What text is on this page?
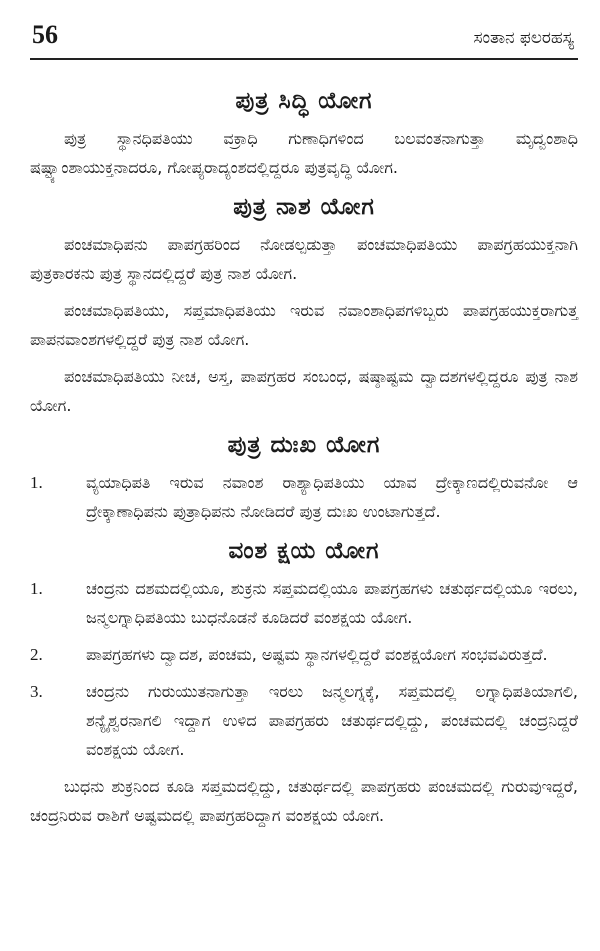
56	ಸಂತಾನ ಫಲರಹಸ್ಯ
ಪುತ್ರ ಸಿದ್ಧಿ ಯೋಗ

ಪುತ್ರ ಸ್ಥಾನಧಿಪತಿಯು ವಕ್ರಾಧಿ ಗುಣಾಧಿಗಳಿಂದ ಬಲವಂತನಾಗುತ್ತಾ ಮೃದ್ವಂಶಾಧಿ ಷಷ್ಟ್ಯಾಂಶಾಯುಕ್ತನಾದರೂ, ಗೋಪ್ಯರಾದ್ಯಂಶದಲ್ಲಿದ್ದರೂ ಪುತ್ರವೃದ್ಧಿ ಯೋಗ.

ಪುತ್ರ ನಾಶ ಯೋಗ

ಪಂಚಮಾಧಿಪನು ಪಾಪಗ್ರಹರಿಂದ ನೋಡಲ್ಪಡುತ್ತಾ ಪಂಚಮಾಧಿಪತಿಯು ಪಾಪಗ್ರಹಯುಕ್ತನಾಗಿ ಪುತ್ರಕಾರಕನು ಪುತ್ರ ಸ್ಥಾನದಲ್ಲಿದ್ದರೆ ಪುತ್ರ ನಾಶ ಯೋಗ.

ಪಂಚಮಾಧಿಪತಿಯು, ಸಪ್ತಮಾಧಿಪತಿಯು ಇರುವ ನವಾಂಶಾಧಿಪಗಳಿಬ್ಬರು ಪಾಪಗ್ರಹಯುಕ್ತರಾಗುತ್ತ ಪಾಪನವಾಂಶಗಳಲ್ಲಿದ್ದರೆ ಪುತ್ರ ನಾಶ ಯೋಗ.

ಪಂಚಮಾಧಿಪತಿಯು ನೀಚ, ಅಸ್ತ, ಪಾಪಗ್ರಹರ ಸಂಬಂಧ, ಷಷ್ಠಾಷ್ಟಮ ದ್ವಾದಶಗಳಲ್ಲಿದ್ದರೂ ಪುತ್ರ ನಾಶ ಯೋಗ.

ಪುತ್ರ ದುಃಖ ಯೋಗ
1.	ವ್ಯಯಾಧಿಪತಿ ಇರುವ ನವಾಂಶ ರಾಶ್ಯಾಧಿಪತಿಯು ಯಾವ ದ್ರೇಕ್ಕಾಣದಲ್ಲಿರುವನೋ ಆ ದ್ರೇಕ್ಕಾಣಾಧಿಪನು ಪುತ್ರಾಧಿಪನು ನೋಡಿದರೆ ಪುತ್ರ ದುಃಖ ಉಂಟಾಗುತ್ತದೆ.
ವಂಶ ಕ್ಷಯ ಯೋಗ
1.	ಚಂದ್ರನು ದಶಮದಲ್ಲಿಯೂ, ಶುಕ್ರನು ಸಪ್ತಮದಲ್ಲಿಯೂ ಪಾಪಗ್ರಹಗಳು ಚತುರ್ಥದಲ್ಲಿಯೂ ಇರಲು, ಜನ್ಮಲಗ್ನಾಧಿಪತಿಯು ಬುಧನೊಡನೆ ಕೂಡಿದರೆ ವಂಶಕ್ಷಯ ಯೋಗ.
2.	ಪಾಪಗ್ರಹಗಳು ದ್ವಾದಶ, ಪಂಚಮ, ಅಷ್ಟಮ ಸ್ಥಾನಗಳಲ್ಲಿದ್ದರೆ ವಂಶಕ್ಷಯೋಗ ಸಂಭವವಿರುತ್ತದೆ.
3.	ಚಂದ್ರನು ಗುರುಯುತನಾಗುತ್ತಾ ಇರಲು ಜನ್ಮಲಗ್ನಕ್ಕೆ, ಸಪ್ತಮದಲ್ಲಿ ಲಗ್ನಾಧಿಪತಿಯಾಗಲಿ, ಶನ್ಯೈಶ್ವರನಾಗಲಿ ಇದ್ದಾಗ ಉಳಿದ ಪಾಪಗ್ರಹರು ಚತುರ್ಥದಲ್ಲಿದ್ದು, ಪಂಚಮದಲ್ಲಿ ಚಂದ್ರನಿದ್ದರೆ ವಂಶಕ್ಷಯ ಯೋಗ.

ಬುಧನು ಶುಕ್ರನಿಂದ ಕೂಡಿ ಸಪ್ತಮದಲ್ಲಿದ್ದು, ಚತುರ್ಥದಲ್ಲಿ ಪಾಪಗ್ರಹರು ಪಂಚಮದಲ್ಲಿ ಗುರುವುಇದ್ದರೆ, ಚಂದ್ರನಿರುವ ರಾಶಿಗೆ ಅಷ್ಟಮದಲ್ಲಿ ಪಾಪಗ್ರಹರಿದ್ದಾಗ ವಂಶಕ್ಷಯ ಯೋಗ.
